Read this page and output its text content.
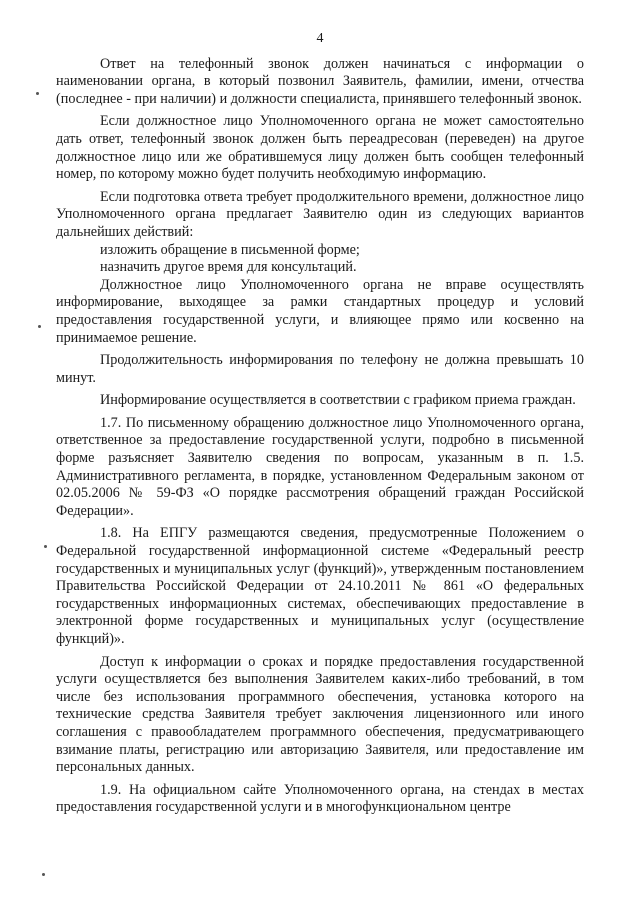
4

Ответ на телефонный звонок должен начинаться с информации о наименовании органа, в который позвонил Заявитель, фамилии, имени, отчества (последнее - при наличии) и должности специалиста, принявшего телефонный звонок.

Если должностное лицо Уполномоченного органа не может самостоятельно дать ответ, телефонный звонок должен быть переадресован (переведен) на другое должностное лицо или же обратившемуся лицу должен быть сообщен телефонный номер, по которому можно будет получить необходимую информацию.

Если подготовка ответа требует продолжительного времени, должностное лицо Уполномоченного органа предлагает Заявителю один из следующих вариантов дальнейших действий:

изложить обращение в письменной форме;

назначить другое время для консультаций.

Должностное лицо Уполномоченного органа не вправе осуществлять информирование, выходящее за рамки стандартных процедур и условий предоставления государственной услуги, и влияющее прямо или косвенно на принимаемое решение.

Продолжительность информирования по телефону не должна превышать 10 минут.

Информирование осуществляется в соответствии с графиком приема граждан.

1.7. По письменному обращению должностное лицо Уполномоченного органа, ответственное за предоставление государственной услуги, подробно в письменной форме разъясняет Заявителю сведения по вопросам, указанным в п. 1.5. Административного регламента, в порядке, установленном Федеральным законом от 02.05.2006 № 59-ФЗ «О порядке рассмотрения обращений граждан Российской Федерации».

1.8. На ЕПГУ размещаются сведения, предусмотренные Положением о Федеральной государственной информационной системе «Федеральный реестр государственных и муниципальных услуг (функций)», утвержденным постановлением Правительства Российской Федерации от 24.10.2011 № 861 «О федеральных государственных информационных системах, обеспечивающих предоставление в электронной форме государственных и муниципальных услуг (осуществление функций)».

Доступ к информации о сроках и порядке предоставления государственной услуги осуществляется без выполнения Заявителем каких-либо требований, в том числе без использования программного обеспечения, установка которого на технические средства Заявителя требует заключения лицензионного или иного соглашения с правообладателем программного обеспечения, предусматривающего взимание платы, регистрацию или авторизацию Заявителя, или предоставление им персональных данных.

1.9. На официальном сайте Уполномоченного органа, на стендах в местах предоставления государственной услуги и в многофункциональном центре
